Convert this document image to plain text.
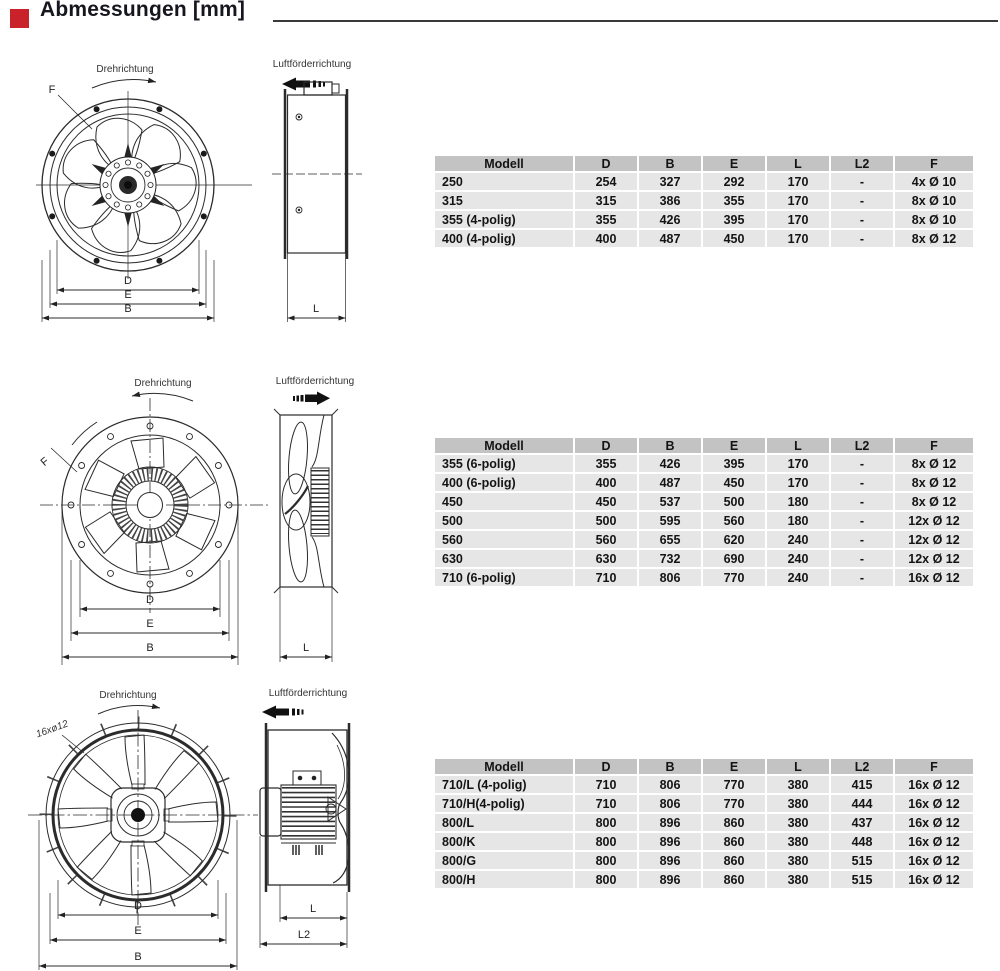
Abmessungen [mm]
Drehrichtung
F
D
E
B
Luftförderrichtung
L
Modell	D	B	E	L	L2	F
250	254	327	292	170	-	4x Ø 10
315	315	386	355	170	-	8x Ø 10
355 (4-polig)	355	426	395	170	-	8x Ø 10
400 (4-polig)	400	487	450	170	-	8x Ø 12
Drehrichtung
F
D
E
B
Luftförderrichtung
L
Modell	D	B	E	L	L2	F
355 (6-polig)	355	426	395	170	-	8x Ø 12
400 (6-polig)	400	487	450	170	-	8x Ø 12
450	450	537	500	180	-	8x Ø 12
500	500	595	560	180	-	12x Ø 12
560	560	655	620	240	-	12x Ø 12
630	630	732	690	240	-	12x Ø 12
710 (6-polig)	710	806	770	240	-	16x Ø 12
Drehrichtung
16xø12
D
E
B
Luftförderrichtung
L
L2
Modell	D	B	E	L	L2	F
710/L (4-polig)	710	806	770	380	415	16x Ø 12
710/H(4-polig)	710	806	770	380	444	16x Ø 12
800/L	800	896	860	380	437	16x Ø 12
800/K	800	896	860	380	448	16x Ø 12
800/G	800	896	860	380	515	16x Ø 12
800/H	800	896	860	380	515	16x Ø 12
